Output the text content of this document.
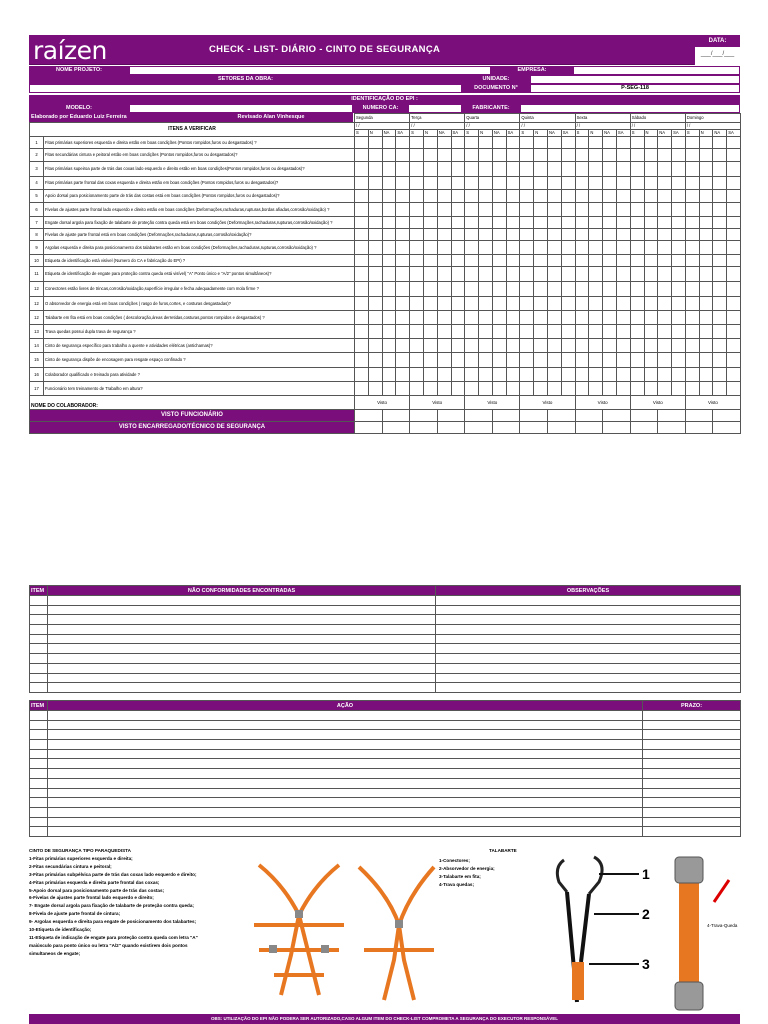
raízen	CHECK - LIST- DIÁRIO - CINTO DE SEGURANÇA
DATA:
___/___/___
NOME PROJETO:	EMPRESA:
SETORES DA OBRA:	UNIDADE:
DOCUMENTO N°	P-SEG-118
IDENTIFICAÇÃO DO EPI :
MODELO:	NUMERO CA:	FABRICANTE:
Elaborado por Eduardo Luiz Ferreira	Revisado Alan Vinhesque
		Segunda				Terça				Quarta				Quinta				Sexta				Sábado				Domingo			
ITENS A VERIFICAR		/ /				/ /				/ /				/ /				/ /				/ /				/ /			
		S	N	NA	SA	S	N	NA	SA	S	N	NA	SA	S	N	NA	SA	S	N	NA	SA	S	N	NA	SA	S	N	NA	SA
1	Fitas primárias superiores esquerda e direita estão em boas condições (Pontos rompidos,furos ou desgastados) ?																												
2	Fitas secundárias cintura e peitoral estão em boas condições (Pontos rompidos,furos ou desgastados)?																												
3	Fitas primárias supeiroa parte de trás das coxas lado esquerdo e direito estão em boas condições(Pontos rompidos,furos ou desgastados)?																												
4	Fitas primárias parte frontal das coxas esquerda e direita estão em boas condições (Pontos rompidos,furos ou desgastados)?																												
5	Apoio dorsal para posicionamento parte de trás das costas está em boas condições (Pontos rompidos,furos ou desgastados)?																												
6	Fivelas de ajustes parte frontal lado esquerdo e direito estão em boas condições (Deformações,rachaduras,rupturas,bordas afiadas,corrosão/oxidação) ?																												
7	Engate dorsal argola para fixação de talabarte de proteção contra queda está em boas condições (Deformações,rachaduras,rupturas,corrosão/oxidação) ?																												
8	Fivelas de ajuste parte frontal está em boas condições (Deformações,rachaduras,rupturas,corrosão/oxidação)?																												
9	Argolas esquerda e direita para posicionamento dos talabartes estão em boas condições (Deformações,rachaduras,rupturas,corrosão/oxidação) ?																												
10	Etiqueta de identificação está visível (Numero do CA e fabricação do EPI) ?																												
11	Etiqueta de identificação de engate para proteção contra queda está visível( "A" Ponto único e "A/2" pontos simultâneos)?																												
12	Conectores estão livres de trincas,corrosão/oxidação,superfície irregular e fecha adequadamente com mola firme ?																												
12	O absorvedor de energia está em boas condições ( rasgo de furos,cortes, e costuras desgastadas)?																												
12	Talabarte em fita está em boas condições ( descoloração,áreas derretidas,costuras,pontos rompidos e desgastados) ?																												
13	Trava quedas possui dupla trava de segurança ?																												
14	Cinto de segurança específico para trabalho a quente e atividades elétricas (antichamas)?																												
15	Cinto de segurança dispõe de encosagem para resgate espaço confinado ?																												
16	Colaborador qualificado e treinado para atividade ?																												
17	Funcionário tem treinamento de Trabalho em altura?																												
NOME DO COLABORADOR:		Visto				Visto				Visto				Visto				Visto				Visto				Visto			
VISTO FUNCIONÁRIO																													
VISTO ENCARREGADO/TÉCNICO DE SEGURANÇA																													
ITEM	NÃO CONFORMIDADES ENCONTRADAS	OBSERVAÇÕES

ITEM	AÇÃO	PRAZO:

CINTO DE SEGURANÇA TIPO PARAQUEDISTA
1-Fitas primárias superiores esquerda e direita;
2-Fitas secundárias cintura e peitoral;
3-Fitas primárias subpélvica parte de trás das coxas lado esquerdo e direito;
4-Fitas primárias esquerda e direita parte frontal das coxas;
5-Apoio dorsal para posicionamento parte de trás das costas;
6-Fivelas de ajustes parte frontal lado esquerdo e direito;
7- Engate dorsal argola para fixação de talabarte de proteção contra queda;
8-Fivela de ajuste parte frontal de cintura;
9- Argolas esquerda e direita para engate de posicionamento dos talabartes;
10-Etiqueta de identificação;
11-Etiqueta de indicação de engate para proteção contra queda com letra "A"
maiúsculo para ponto único ou letra "A/2" quando existirem dois pontos
simultaneos de engate;
TALABARTE
1-Conectores;
2-Absorvedor de energia;
3-Talabarte em fita;
4-Trava quedas;
1
2
3
4-Trava-Queda
OBS: UTILIZAÇÃO DO EPI NÃO PODERA SER AUTORIZADO,CASO ALGUM ITEM DO CHECK-LIST COMPROMETA A SEGURANÇA DO EXECUTOR RESPONSÁVEL
